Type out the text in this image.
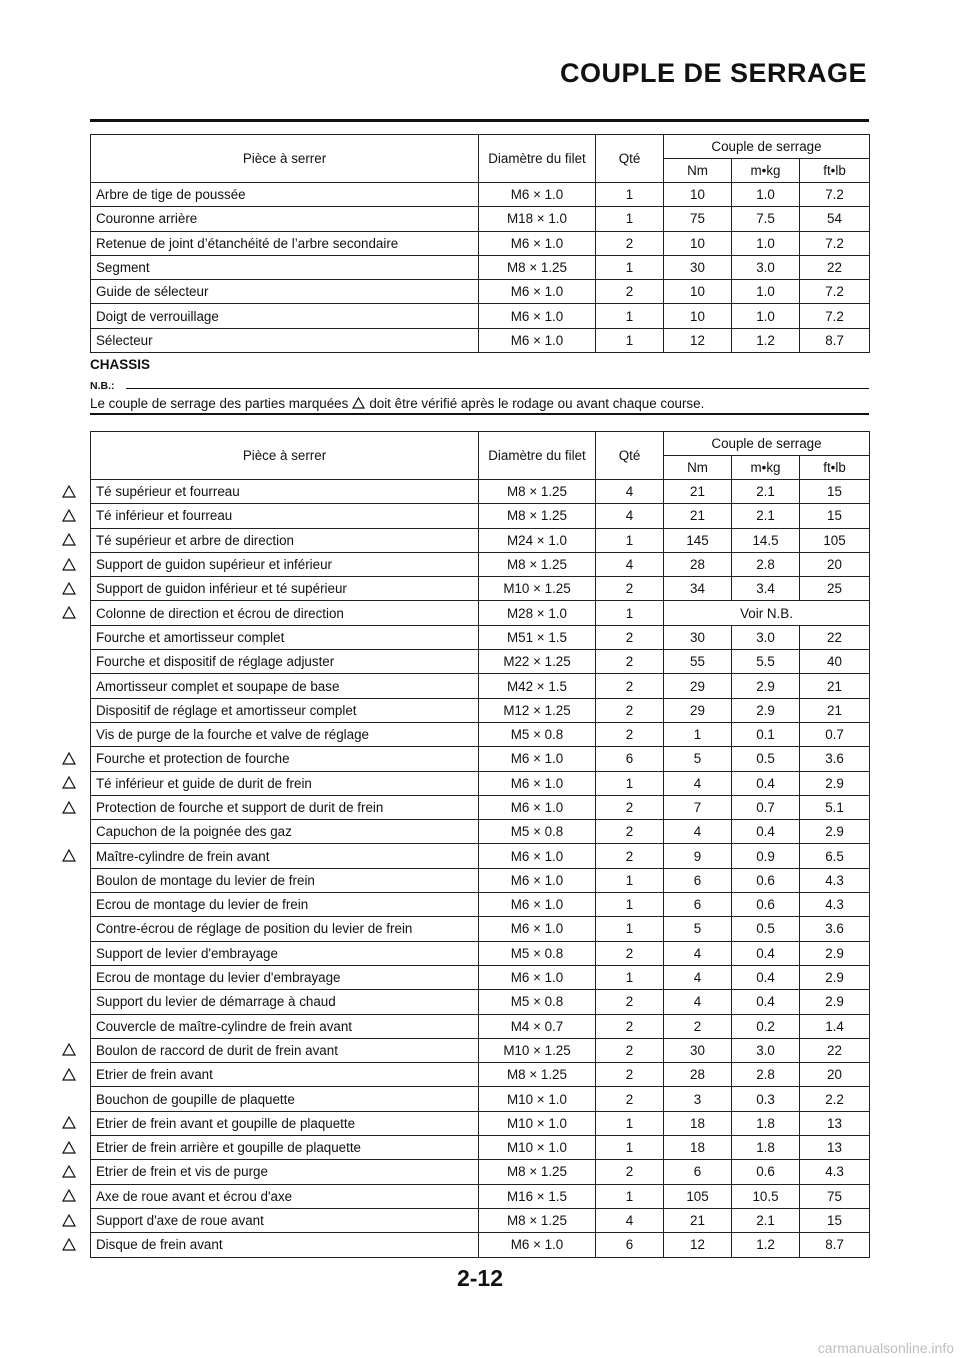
COUPLE DE SERRAGE
Pièce à serrer	Diamètre du filet	Qté	Couple de serrage		
			Nm	m•kg	ft•lb
Arbre de tige de poussée	M6 × 1.0	1	10	1.0	7.2
Couronne arrière	M18 × 1.0	1	75	7.5	54
Retenue de joint d’étanchéité de l’arbre secondaire	M6 × 1.0	2	10	1.0	7.2
Segment	M8 × 1.25	1	30	3.0	22
Guide de sélecteur	M6 × 1.0	2	10	1.0	7.2
Doigt de verrouillage	M6 × 1.0	1	10	1.0	7.2
Sélecteur	M6 × 1.0	1	12	1.2	8.7
CHASSIS
N.B.:
Le couple de serrage des parties marquées doit être vérifié après le rodage ou avant chaque course.
Pièce à serrer	Diamètre du filet	Qté	Couple de serrage		
			Nm	m•kg	ft•lb
Té supérieur et fourreau	M8 × 1.25	4	21	2.1	15
Té inférieur et fourreau	M8 × 1.25	4	21	2.1	15
Té supérieur et arbre de direction	M24 × 1.0	1	145	14.5	105
Support de guidon supérieur et inférieur	M8 × 1.25	4	28	2.8	20
Support de guidon inférieur et té supérieur	M10 × 1.25	2	34	3.4	25
Colonne de direction et écrou de direction	M28 × 1.0	1	Voir N.B.		
Fourche et amortisseur complet	M51 × 1.5	2	30	3.0	22
Fourche et dispositif de réglage adjuster	M22 × 1.25	2	55	5.5	40
Amortisseur complet et soupape de base	M42 × 1.5	2	29	2.9	21
Dispositif de réglage et amortisseur complet	M12 × 1.25	2	29	2.9	21
Vis de purge de la fourche et valve de réglage	M5 × 0.8	2	1	0.1	0.7
Fourche et protection de fourche	M6 × 1.0	6	5	0.5	3.6
Té inférieur et guide de durit de frein	M6 × 1.0	1	4	0.4	2.9
Protection de fourche et support de durit de frein	M6 × 1.0	2	7	0.7	5.1
Capuchon de la poignée des gaz	M5 × 0.8	2	4	0.4	2.9
Maître-cylindre de frein avant	M6 × 1.0	2	9	0.9	6.5
Boulon de montage du levier de frein	M6 × 1.0	1	6	0.6	4.3
Ecrou de montage du levier de frein	M6 × 1.0	1	6	0.6	4.3
Contre-écrou de réglage de position du levier de frein	M6 × 1.0	1	5	0.5	3.6
Support de levier d'embrayage	M5 × 0.8	2	4	0.4	2.9
Ecrou de montage du levier d'embrayage	M6 × 1.0	1	4	0.4	2.9
Support du levier de démarrage à chaud	M5 × 0.8	2	4	0.4	2.9
Couvercle de maître-cylindre de frein avant	M4 × 0.7	2	2	0.2	1.4
Boulon de raccord de durit de frein avant	M10 × 1.25	2	30	3.0	22
Etrier de frein avant	M8 × 1.25	2	28	2.8	20
Bouchon de goupille de plaquette	M10 × 1.0	2	3	0.3	2.2
Etrier de frein avant et goupille de plaquette	M10 × 1.0	1	18	1.8	13
Etrier de frein arrière et goupille de plaquette	M10 × 1.0	1	18	1.8	13
Etrier de frein et vis de purge	M8 × 1.25	2	6	0.6	4.3
Axe de roue avant et écrou d'axe	M16 × 1.5	1	105	10.5	75
Support d'axe de roue avant	M8 × 1.25	4	21	2.1	15
Disque de frein avant	M6 × 1.0	6	12	1.2	8.7
2-12
carmanualsonline.info
